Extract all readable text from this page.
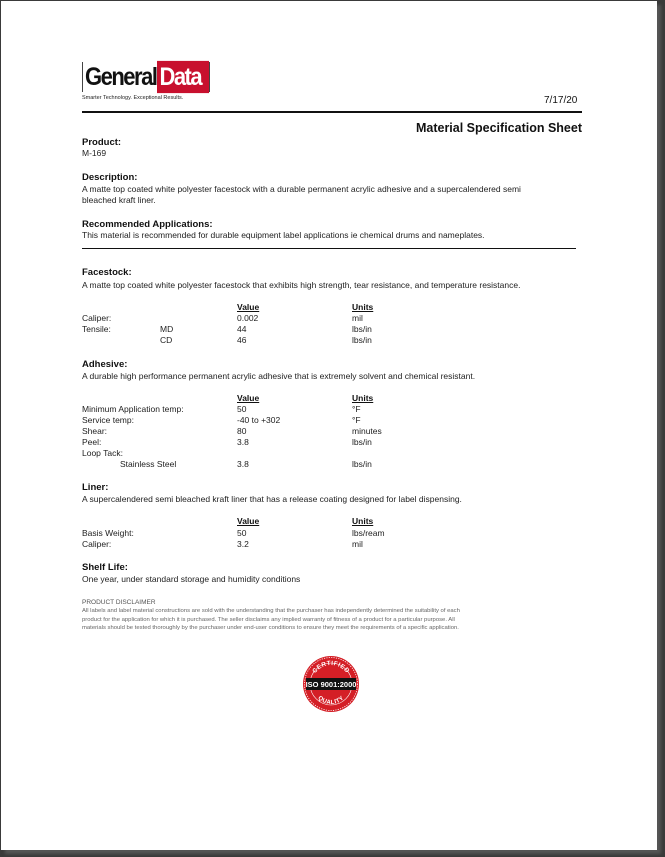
General Data
Smarter Technology. Exceptional Results.	7/17/20
Material Specification Sheet
Product:
M-169
Description:
A matte top coated white polyester facestock with a durable permanent acrylic adhesive and a supercalendered semi
bleached kraft liner.
Recommended Applications:
This material is recommended for durable equipment label applications ie chemical drums and nameplates.
Facestock:
A matte top coated white polyester facestock that exhibits high strength, tear resistance, and temperature resistance.
Value	Units
Caliper:	0.002	mil
Tensile:	MD	44	lbs/in
CD	46	lbs/in
Adhesive:
A durable high performance permanent acrylic adhesive that is extremely solvent and chemical resistant.
Value	Units
Minimum Application temp:	50	°F
Service temp:	-40 to +302	°F
Shear:	80	minutes
Peel:	3.8	lbs/in
Loop Tack:
Stainless Steel	3.8	lbs/in
Liner:
A supercalendered semi bleached kraft liner that has a release coating designed for label dispensing.
Value	Units
Basis Weight:	50	lbs/ream
Caliper:	3.2	mil
Shelf Life:
One year, under standard storage and humidity conditions
PRODUCT DISCLAIMER
All labels and label material constructions are sold with the understanding that the purchaser has independently determined the suitability of each
product for the application for which it is purchased. The seller disclaims any implied warranty of fitness of a product for a particular purpose. All
materials should be tested thoroughly by the purchaser under end-user conditions to ensure they meet the requirements of a specific application.
CERTIFIED
ISO 9001:2000
QUALITY
